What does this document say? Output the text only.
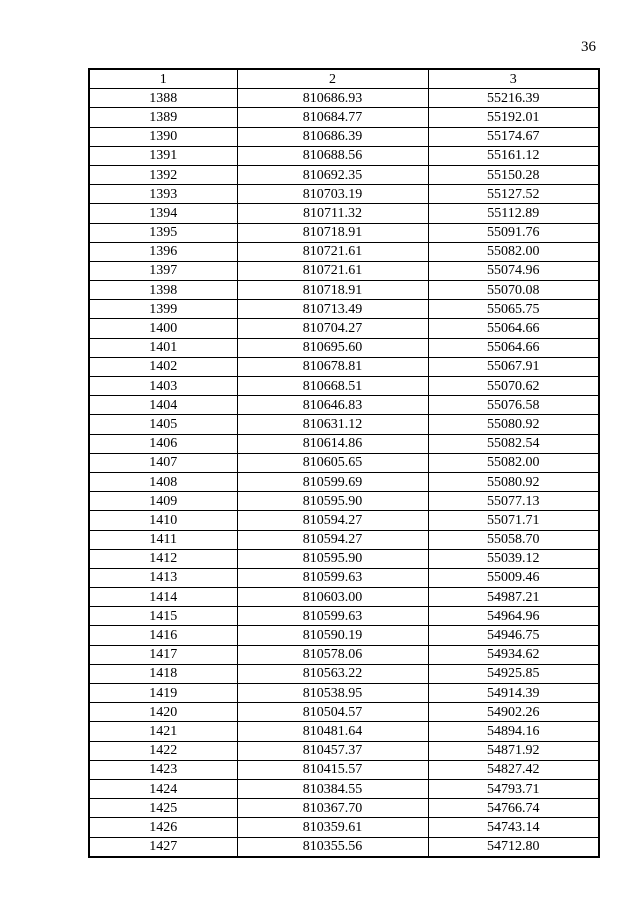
36
1	2	3
1388	810686.93	55216.39
1389	810684.77	55192.01
1390	810686.39	55174.67
1391	810688.56	55161.12
1392	810692.35	55150.28
1393	810703.19	55127.52
1394	810711.32	55112.89
1395	810718.91	55091.76
1396	810721.61	55082.00
1397	810721.61	55074.96
1398	810718.91	55070.08
1399	810713.49	55065.75
1400	810704.27	55064.66
1401	810695.60	55064.66
1402	810678.81	55067.91
1403	810668.51	55070.62
1404	810646.83	55076.58
1405	810631.12	55080.92
1406	810614.86	55082.54
1407	810605.65	55082.00
1408	810599.69	55080.92
1409	810595.90	55077.13
1410	810594.27	55071.71
1411	810594.27	55058.70
1412	810595.90	55039.12
1413	810599.63	55009.46
1414	810603.00	54987.21
1415	810599.63	54964.96
1416	810590.19	54946.75
1417	810578.06	54934.62
1418	810563.22	54925.85
1419	810538.95	54914.39
1420	810504.57	54902.26
1421	810481.64	54894.16
1422	810457.37	54871.92
1423	810415.57	54827.42
1424	810384.55	54793.71
1425	810367.70	54766.74
1426	810359.61	54743.14
1427	810355.56	54712.80
